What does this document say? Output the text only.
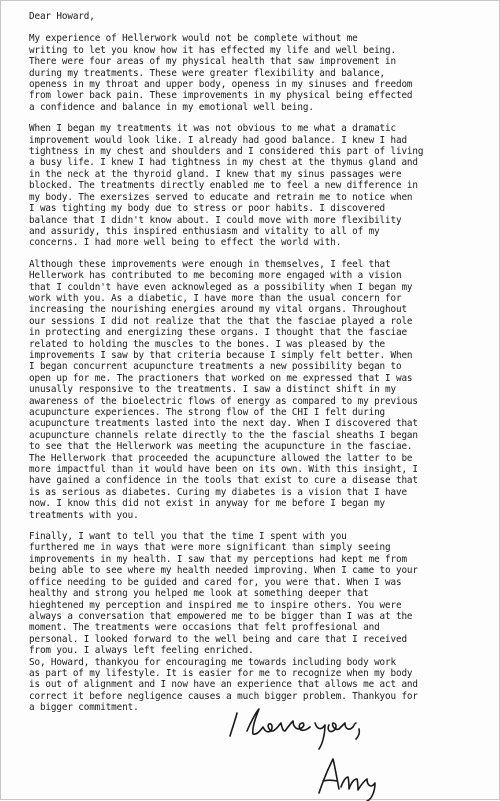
Dear Howard,
My experience of Hellerwork would not be complete without me
writing to let you know how it has effected my life and well being.
There were four areas of my physical health that saw improvement in
during my treatments. These were greater flexibility and balance,
openess in my throat and upper body, openess in my sinuses and freedom
from lower back pain. These improvements in my physical being effected
a confidence and balance in my emotional well being.
When I began my treatments it was not obvious to me what a dramatic
improvement would look like. I already had good balance. I knew I had
tightness in my chest and shoulders and I considered this part of living
a busy life. I knew I had tightness in my chest at the thymus gland and
in the neck at the thyroid gland. I knew that my sinus passages were
blocked. The treatments directly enabled me to feel a new difference in
my body. The exersizes served to educate and retrain me to notice when
I was tighting my body due to stress or poor habits. I discovered
balance that I didn't know about. I could move with more flexibility
and assuridy, this inspired enthusiasm and vitality to all of my
concerns. I had more well being to effect the world with.
Although these improvements were enough in themselves, I feel that
Hellerwork has contributed to me becoming more engaged with a vision
that I couldn't have even acknowleged as a possibility when I began my
work with you. As a diabetic, I have more than the usual concern for
increasing the nourishing energies around my vital organs. Throughout
our sessions I did not realize that the that the fasciae played a role
in protecting and energizing these organs. I thought that the fasciae
related to holding the muscles to the bones. I was pleased by the
improvements I saw by that criteria because I simply felt better. When
I began concurrent acupuncture treatments a new possibility began to
open up for me. The practioners that worked on me expressed that I was
unusally responsive to the treatments. I saw a distinct shift in my
awareness of the bioelectric flows of energy as compared to my previous
acupuncture experiences. The strong flow of the CHI I felt during
acupuncture treatments lasted into the next day. When I discovered that
acupuncture channels relate directly to the the fascial sheaths I began
to see that the Hellerwork was meeting the acupuncture in the fasciae.
The Hellerwork that proceeded the acupuncture allowed the latter to be
more impactful than it would have been on its own. With this insight, I
have gained a confidence in the tools that exist to cure a disease that
is as serious as diabetes. Curing my diabetes is a vision that I have
now. I know this did not exist in anyway for me before I began my
treatments with you.
Finally, I want to tell you that the time I spent with you
furthered me in ways that were more significant than simply seeing
improvements in my health. I saw that my perceptions had kept me from
being able to see where my health needed improving. When I came to your
office needing to be guided and cared for, you were that. When I was
healthy and strong you helped me look at something deeper that
hieghtened my perception and inspired me to inspire others. You were
always a conversation that empowered me to be bigger than I was at the
moment. The treatments were occasions that felt proffesional and
personal. I looked forward to the well being and care that I received
from you. I always left feeling enriched.
So, Howard, thankyou for encouraging me towards including body work
as part of my lifestyle. It is easier for me to recognize when my body
is out of alignment and I now have an experience that allows me act and
correct it before negligence causes a much bigger problem. Thankyou for
a bigger commitment.
